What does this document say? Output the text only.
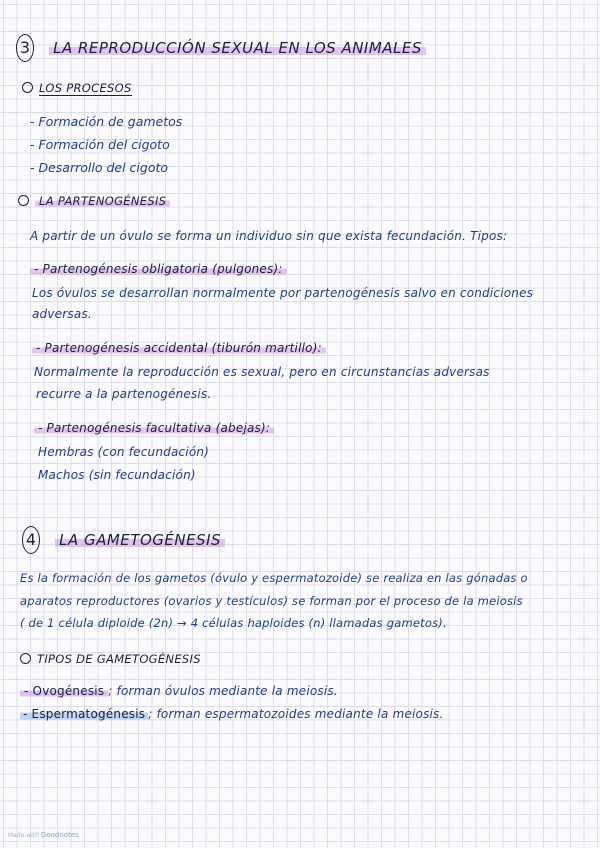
3 LA REPRODUCCIÓN SEXUAL EN LOS ANIMALES
LOS PROCESOS
- Formación de gametos
- Formación del cigoto
- Desarrollo del cigoto
LA PARTENOGÉNESIS
A partir de un óvulo se forma un individuo sin que exista fecundación. Tipos:
- Partenogénesis obligatoria (pulgones):
Los óvulos se desarrollan normalmente por partenogénesis salvo en condiciones
adversas.
- Partenogénesis accidental (tiburón martillo):
Normalmente la reproducción es sexual, pero en circunstancias adversas
recurre a la partenogénesis.
- Partenogénesis facultativa (abejas):
Hembras (con fecundación)
Machos (sin fecundación)
4 LA GAMETOGÉNESIS
Es la formación de los gametos (óvulo y espermatozoide) se realiza en las gónadas o
aparatos reproductores (ovarios y testículos) se forman por el proceso de la meiosis
( de 1 célula diploide (2n) → 4 células haploides (n) llamadas gametos).
TIPOS DE GAMETOGÉNESIS
- Ovogénesis ; forman óvulos mediante la meiosis.
- Espermatogénesis ; forman espermatozoides mediante la meiosis.
Made with Goodnotes
